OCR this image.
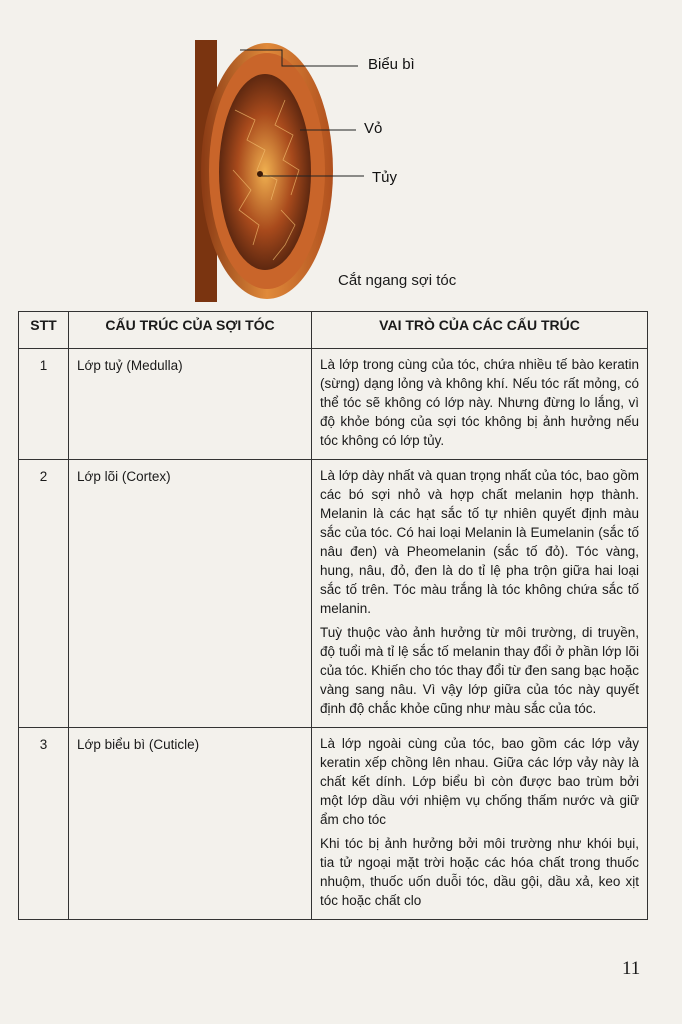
Biểu bì
Vỏ
Tủy
Cắt ngang sợi tóc
STT	CẤU TRÚC CỦA SỢI TÓC	VAI TRÒ CỦA CÁC CẤU TRÚC
1	Lớp tuỷ (Medulla)	Là lớp trong cùng của tóc, chứa nhiều tế bào keratin (sừng) dạng lỏng và không khí. Nếu tóc rất mỏng, có thể tóc sẽ không có lớp này. Nhưng đừng lo lắng, vì độ khỏe bóng của sợi tóc không bị ảnh hưởng nếu tóc không có lớp tủy.

2	Lớp lõi (Cortex)	Là lớp dày nhất và quan trọng nhất của tóc, bao gồm các bó sợi nhỏ và hợp chất melanin hợp thành. Melanin là các hạt sắc tố tự nhiên quyết định màu sắc của tóc. Có hai loại Melanin là Eumelanin (sắc tố nâu đen) và Pheomelanin (sắc tố đỏ). Tóc vàng, hung, nâu, đỏ, đen là do tỉ lệ pha trộn giữa hai loại sắc tố trên. Tóc màu trắng là tóc không chứa sắc tố melanin.

Tuỳ thuộc vào ảnh hưởng từ môi trường, di truyền, độ tuổi mà tỉ lệ sắc tố melanin thay đổi ở phần lớp lõi của tóc. Khiến cho tóc thay đổi từ đen sang bạc hoặc vàng sang nâu. Vì vậy lớp giữa của tóc này quyết định độ chắc khỏe cũng như màu sắc của tóc.

3	Lớp biểu bì (Cuticle)	Là lớp ngoài cùng của tóc, bao gồm các lớp vảy keratin xếp chồng lên nhau. Giữa các lớp vảy này là chất kết dính. Lớp biểu bì còn được bao trùm bởi một lớp dầu với nhiệm vụ chống thấm nước và giữ ẩm cho tóc

Khi tóc bị ảnh hưởng bởi môi trường như khói bụi, tia tử ngoại mặt trời hoặc các hóa chất trong thuốc nhuộm, thuốc uốn duỗi tóc, dầu gội, dầu xả, keo xịt tóc hoặc chất clo

11
